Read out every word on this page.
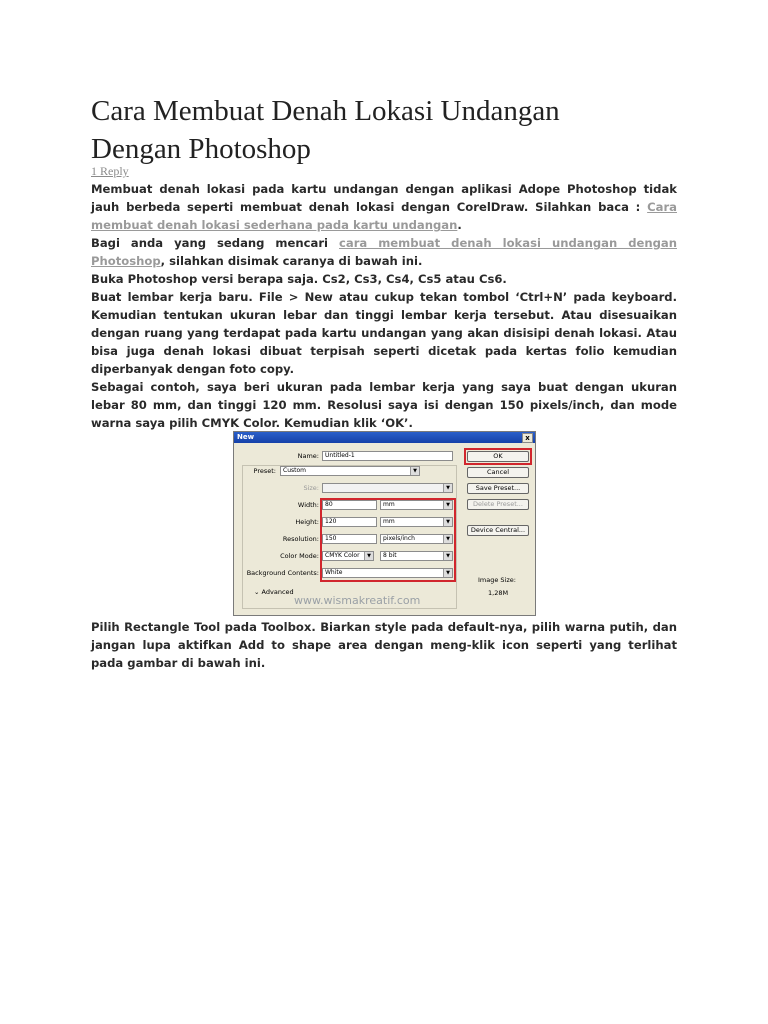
Cara Membuat Denah Lokasi Undangan
Dengan Photoshop
1 Reply

Membuat denah lokasi pada kartu undangan dengan aplikasi Adope Photoshop tidak jauh berbeda seperti membuat denah lokasi dengan CorelDraw. Silahkan baca : Cara membuat denah lokasi sederhana pada kartu undangan.

Bagi anda yang sedang mencari cara membuat denah lokasi undangan dengan Photoshop, silahkan disimak caranya di bawah ini.

Buka Photoshop versi berapa saja. Cs2, Cs3, Cs4, Cs5 atau Cs6.

Buat lembar kerja baru. File > New atau cukup tekan tombol ‘Ctrl+N’ pada keyboard. Kemudian tentukan ukuran lebar dan tinggi lembar kerja tersebut. Atau disesuaikan dengan ruang yang terdapat pada kartu undangan yang akan disisipi denah lokasi. Atau bisa juga denah lokasi dibuat terpisah seperti dicetak pada kertas folio kemudian diperbanyak dengan foto copy.

Sebagai contoh, saya beri ukuran pada lembar kerja yang saya buat dengan ukuran lebar 80 mm, dan tinggi 120 mm. Resolusi saya isi dengan 150 pixels/inch, dan mode warna saya pilih CMYK Color. Kemudian klik ‘OK’.

New	x
Name:	Untitled-1
Preset:	Custom	▼
Size:	▼
Width:	80	mm	▼
Height:	120	mm	▼
Resolution:	150	pixels/inch	▼
Color Mode:	CMYK Color	▼	8 bit	▼
Background Contents:	White	▼
⌄ Advanced
OK
Cancel
Save Preset...
Delete Preset...
Device Central...
Image Size:
1,28M
www.wismakreatif.com

Pilih Rectangle Tool pada Toolbox. Biarkan style pada default-nya, pilih warna putih, dan jangan lupa aktifkan Add to shape area dengan meng-klik icon seperti yang terlihat pada gambar di bawah ini.
